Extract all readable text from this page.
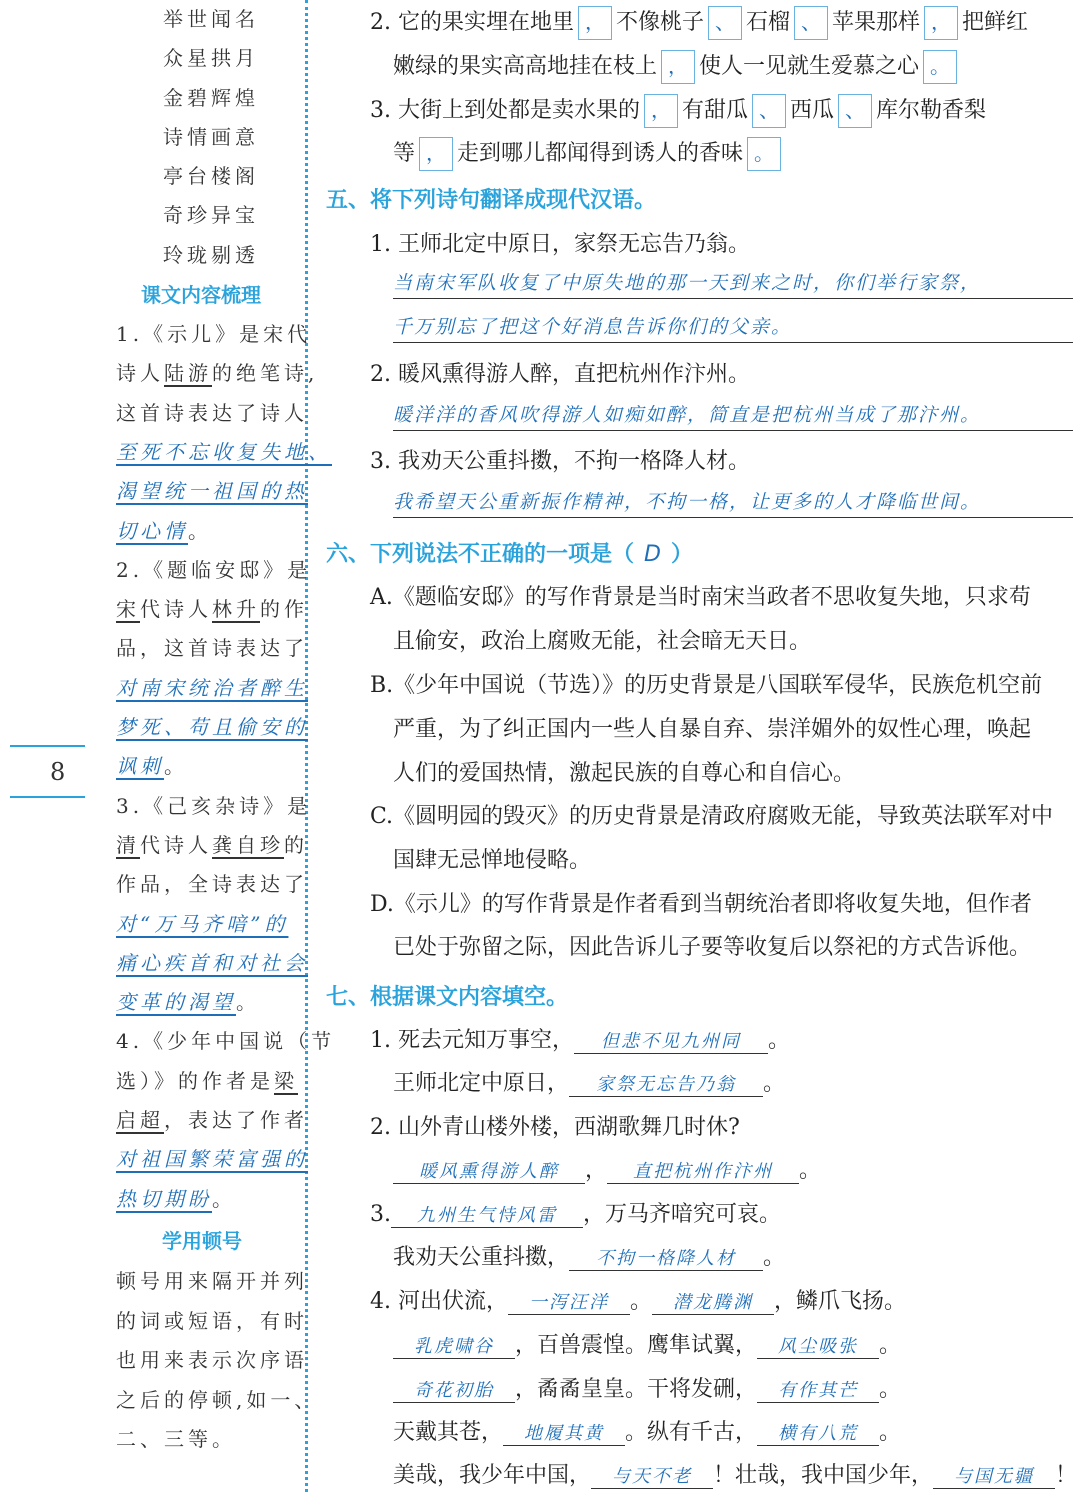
8
举世闻名
众星拱月
金碧辉煌
诗情画意
亭台楼阁
奇珍异宝
玲珑剔透
课文内容梳理
1.《示儿》是宋代
诗人陆游的绝笔诗,
这首诗表达了诗人
至死不忘收复失地、
渴望统一祖国的热
切心情。
2.《题临安邸》是
宋代诗人林升的作
品，这首诗表达了
对南宋统治者醉生
梦死、苟且偷安的
讽刺。
3.《己亥杂诗》是
清代诗人龚自珍的
作品，全诗表达了
对“万马齐喑”的
痛心疾首和对社会
变革的渴望。
4.《少年中国说（节
选）》的作者是梁
启超，表达了作者
对祖国繁荣富强的
热切期盼。
学用顿号
顿号用来隔开并列
的词或短语，有时
也用来表示次序语
之后的停顿,如一、
二、三等。
2. 它的果实埋在地里 ， 不像桃子 、 石榴 、 苹果那样 ， 把鲜红
嫩绿的果实高高地挂在枝上 ， 使人一见就生爱慕之心 。
3. 大街上到处都是卖水果的 ， 有甜瓜 、 西瓜 、 库尔勒香梨
等 ， 走到哪儿都闻得到诱人的香味 。
五、将下列诗句翻译成现代汉语。
1. 王师北定中原日，家祭无忘告乃翁。
当南宋军队收复了中原失地的那一天到来之时，你们举行家祭，
千万别忘了把这个好消息告诉你们的父亲。
2. 暖风熏得游人醉，直把杭州作汴州。
暖洋洋的香风吹得游人如痴如醉，简直是把杭州当成了那汴州。
3. 我劝天公重抖擞，不拘一格降人材。
我希望天公重新振作精神，不拘一格，让更多的人才降临世间。
六、下列说法不正确的一项是（ D ）
A.《题临安邸》的写作背景是当时南宋当政者不思收复失地，只求苟
且偷安，政治上腐败无能，社会暗无天日。
B.《少年中国说（节选）》的历史背景是八国联军侵华，民族危机空前
严重，为了纠正国内一些人自暴自弃、崇洋媚外的奴性心理，唤起
人们的爱国热情，激起民族的自尊心和自信心。
C.《圆明园的毁灭》的历史背景是清政府腐败无能，导致英法联军对中
国肆无忌惮地侵略。
D.《示儿》的写作背景是作者看到当朝统治者即将收复失地，但作者
已处于弥留之际，因此告诉儿子要等收复后以祭祀的方式告诉他。
七、根据课文内容填空。
1. 死去元知万事空， 但悲不见九州同 。
王师北定中原日， 家祭无忘告乃翁 。
2. 山外青山楼外楼，西湖歌舞几时休?
暖风熏得游人醉 ， 直把杭州作汴州 。
3. 九州生气恃风雷 ，万马齐喑究可哀。
我劝天公重抖擞， 不拘一格降人材 。
4. 河出伏流， 一泻汪洋 。 潜龙腾渊 ，鳞爪飞扬。
乳虎啸谷 ，百兽震惶。鹰隼试翼， 风尘吸张 。
奇花初胎 ，矞矞皇皇。干将发硎， 有作其芒 。
天戴其苍， 地履其黄 。纵有千古， 横有八荒 。
美哉，我少年中国， 与天不老 ！壮哉，我中国少年， 与国无疆 ！
